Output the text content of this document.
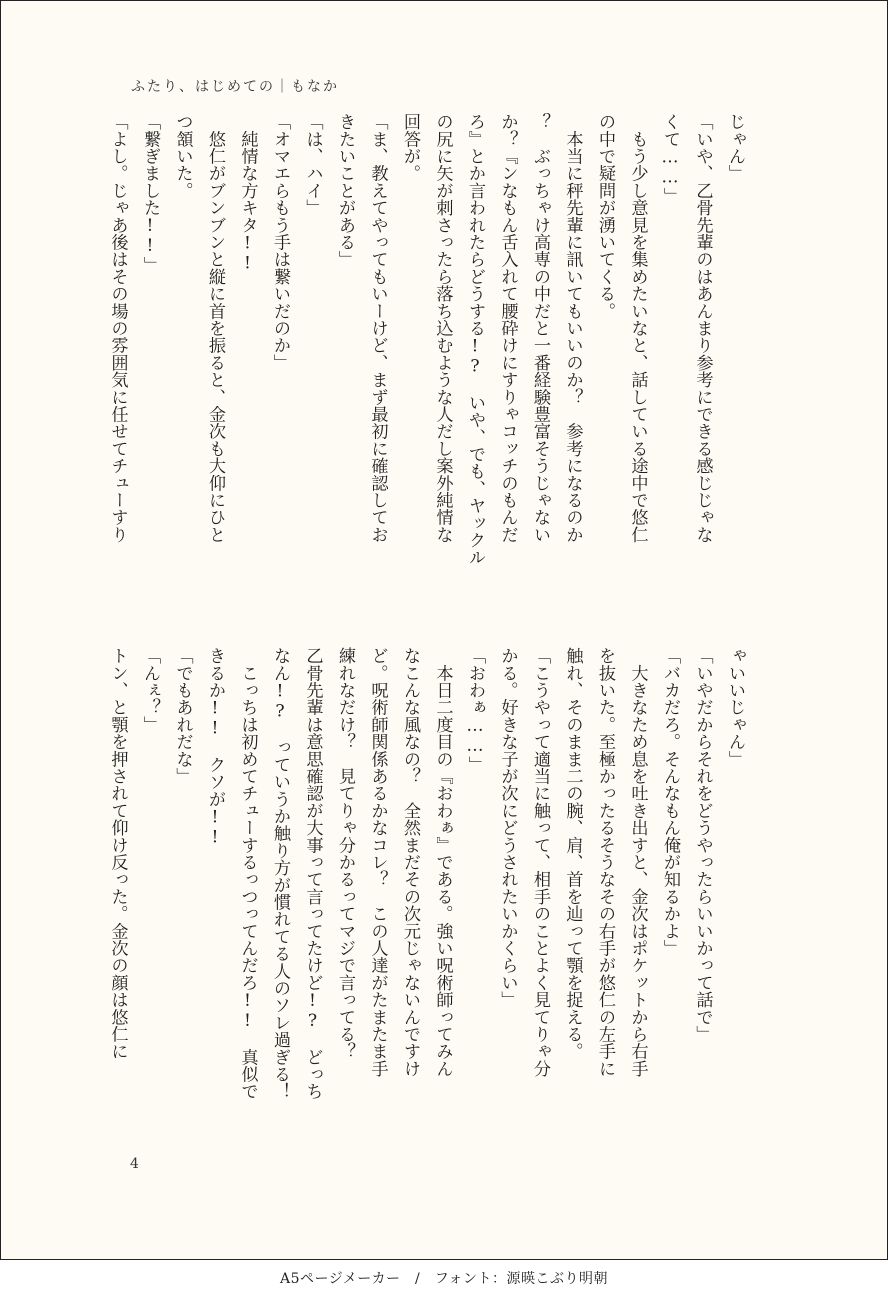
ふたり、はじめての｜もなか
じゃん」
「いや、乙骨先輩のはあんまり参考にできる感じじゃな
くて……」
　もう少し意見を集めたいなと、話している途中で悠仁
の中で疑問が湧いてくる。
　本当に秤先輩に訊いてもいいのか？　参考になるのか
？　ぶっちゃけ高専の中だと一番経験豊富そうじゃない
か？『ンなもん舌入れて腰砕けにすりゃコッチのもんだ
ろ』とか言われたらどうする!?　いや、でも、ヤックル
の尻に矢が刺さったら落ち込むような人だし案外純情な
回答が。
「ま、教えてやってもいーけど、まず最初に確認してお
きたいことがある」
「は、ハイ」
「オマエらもう手は繋いだのか」
　純情な方キタ!!
　悠仁がブンブンと縦に首を振ると、金次も大仰にひと
つ頷いた。
「繋ぎました!!」
「よし。じゃあ後はその場の雰囲気に任せてチューすり
ゃいいじゃん」
「いやだからそれをどうやったらいいかって話で」
「バカだろ。そんなもん俺が知るかよ」
　大きなため息を吐き出すと、金次はポケットから右手
を抜いた。至極かったるそうなその右手が悠仁の左手に
触れ、そのまま二の腕、肩、首を辿って顎を捉える。
「こうやって適当に触って、相手のことよく見てりゃ分
かる。好きな子が次にどうされたいかくらい」
「おわぁ……」
　本日二度目の『おわぁ』である。強い呪術師ってみん
なこんな風なの？　全然まだその次元じゃないんですけ
ど。呪術師関係あるかなコレ？　この人達がたまたま手
練れなだけ？　見てりゃ分かるってマジで言ってる？
乙骨先輩は意思確認が大事って言ってたけど!?　どっち
なん!?　っていうか触り方が慣れてる人のソレ過ぎる！
　こっちは初めてチューするっつってんだろ!!　真似で
きるか!!　クソが!!
「でもあれだな」
「んぇ？」
トン、と顎を押されて仰け反った。金次の顔は悠仁に
4
A5ページメーカー　/　フォント：源暎こぶり明朝
